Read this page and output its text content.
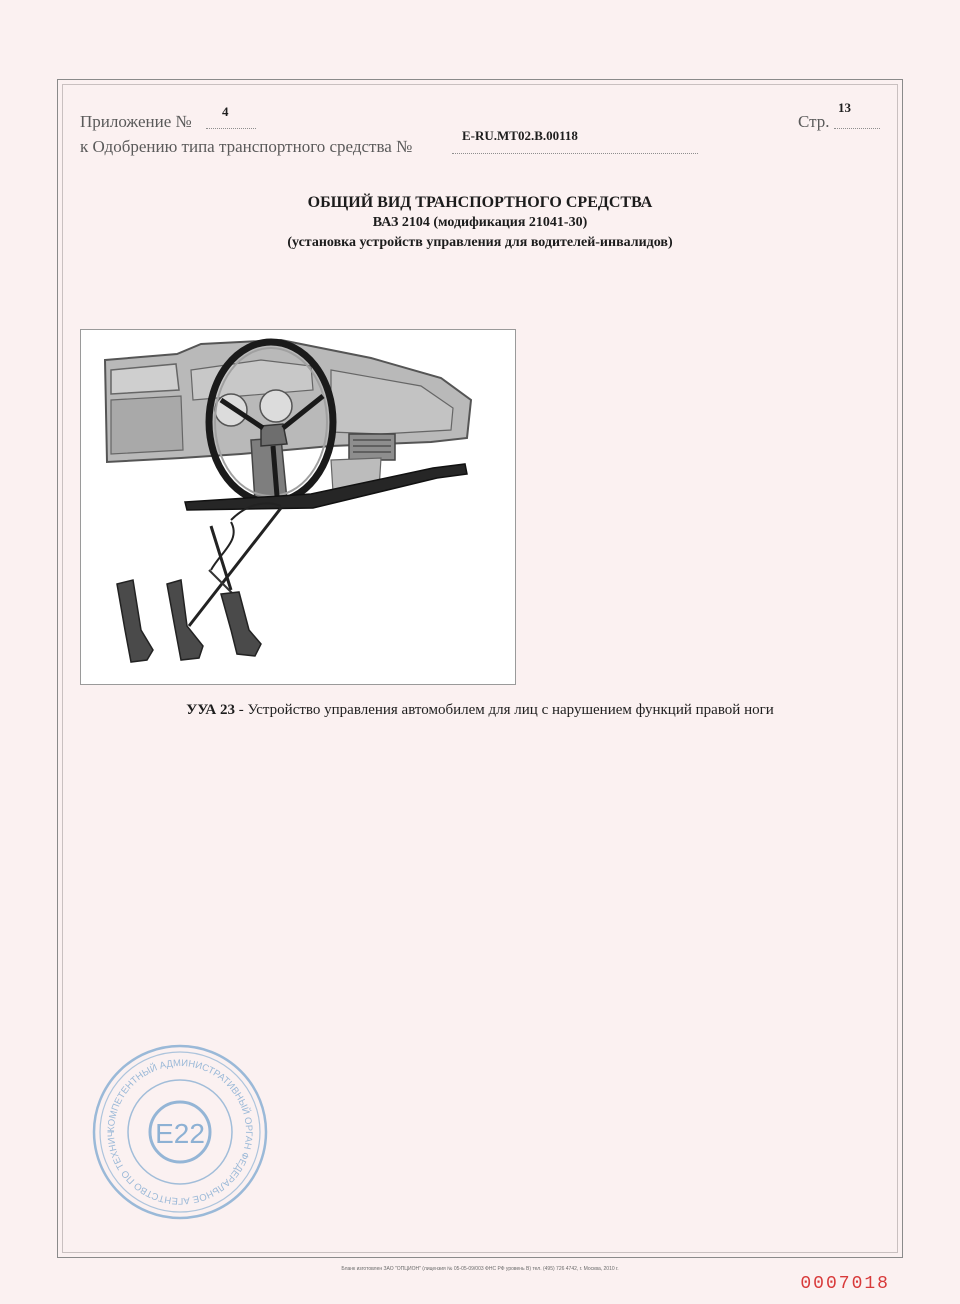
Приложение №
4
Стр.
13
к Одобрению типа транспортного средства №
E-RU.MT02.B.00118
ОБЩИЙ ВИД ТРАНСПОРТНОГО СРЕДСТВА
ВАЗ 2104 (модификация 21041-30)
(установка устройств управления для водителей-инвалидов)
УУА 23 - Устройство управления автомобилем для лиц с нарушением функций правой ноги
КОМПЕТЕНТНЫЙ АДМИНИСТРАТИВНЫЙ ОРГАН ФЕДЕРАЛЬНОЕ АГЕНТСТВО ПО ТЕХНИЧ	E22
Бланк изготовлен ЗАО "ОПЦИОН" (лицензия № 05-05-09/003 ФНС РФ уровень В) тел. (495) 726 4742, г. Москва, 2010 г.
0007018
